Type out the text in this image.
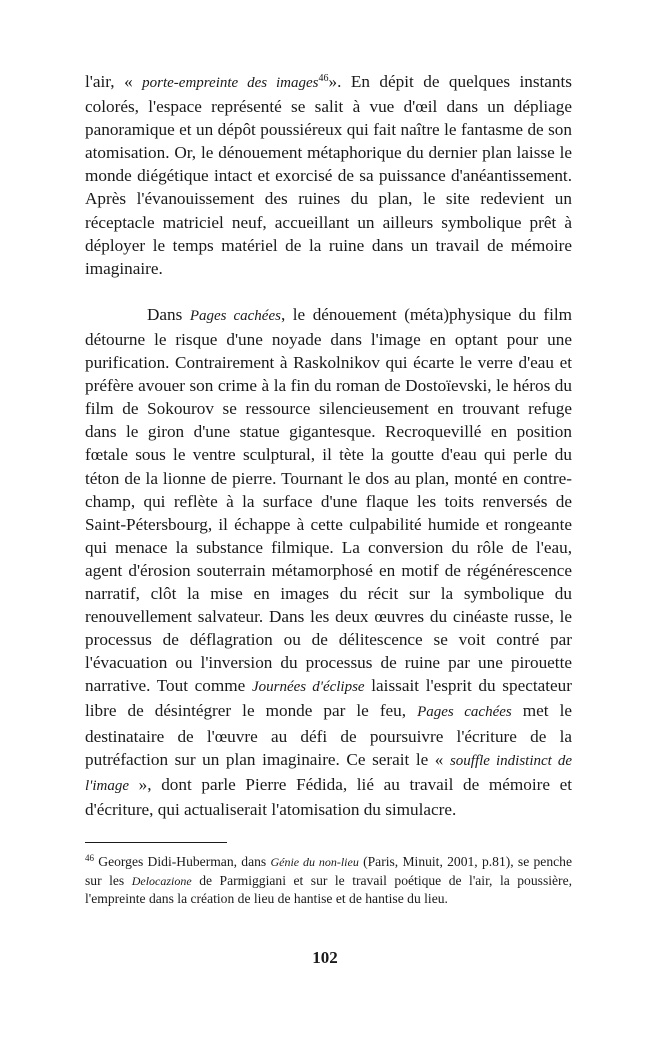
l'air, « porte-empreinte des images$^{46}$». En dépit de quelques instants colorés, l'espace représenté se salit à vue d'œil dans un dépliage panoramique et un dépôt poussiéreux qui fait naître le fantasme de son atomisation. Or, le dénouement métaphorique du dernier plan laisse le monde diégétique intact et exorcisé de sa puissance d'anéantissement. Après l'évanouissement des ruines du plan, le site redevient un réceptacle matriciel neuf, accueillant un ailleurs symbolique prêt à déployer le temps matériel de la ruine dans un travail de mémoire imaginaire.

Dans Pages cachées, le dénouement (méta)physique du film détourne le risque d'une noyade dans l'image en optant pour une purification. Contrairement à Raskolnikov qui écarte le verre d'eau et préfère avouer son crime à la fin du roman de Dostoïevski, le héros du film de Sokourov se ressource silencieusement en trouvant refuge dans le giron d'une statue gigantesque. Recroquevillé en position fœtale sous le ventre sculptural, il tète la goutte d'eau qui perle du téton de la lionne de pierre. Tournant le dos au plan, monté en contre-champ, qui reflète à la surface d'une flaque les toits renversés de Saint-Pétersbourg, il échappe à cette culpabilité humide et rongeante qui menace la substance filmique. La conversion du rôle de l'eau, agent d'érosion souterrain métamorphosé en motif de régénérescence narratif, clôt la mise en images du récit sur la symbolique du renouvellement salvateur. Dans les deux œuvres du cinéaste russe, le processus de déflagration ou de délitescence se voit contré par l'évacuation ou l'inversion du processus de ruine par une pirouette narrative. Tout comme Journées d'éclipse laissait l'esprit du spectateur libre de désintégrer le monde par le feu, Pages cachées met le destinataire de l'œuvre au défi de poursuivre l'écriture de la putréfaction sur un plan imaginaire. Ce serait le « souffle indistinct de l'image », dont parle Pierre Fédida, lié au travail de mémoire et d'écriture, qui actualiserait l'atomisation du simulacre.

$^{46}$ Georges Didi-Huberman, dans Génie du non-lieu (Paris, Minuit, 2001, p.81), se penche sur les Delocazione de Parmiggiani et sur le travail poétique de l'air, la poussière, l'empreinte dans la création de lieu de hantise et de hantise du lieu.

102
